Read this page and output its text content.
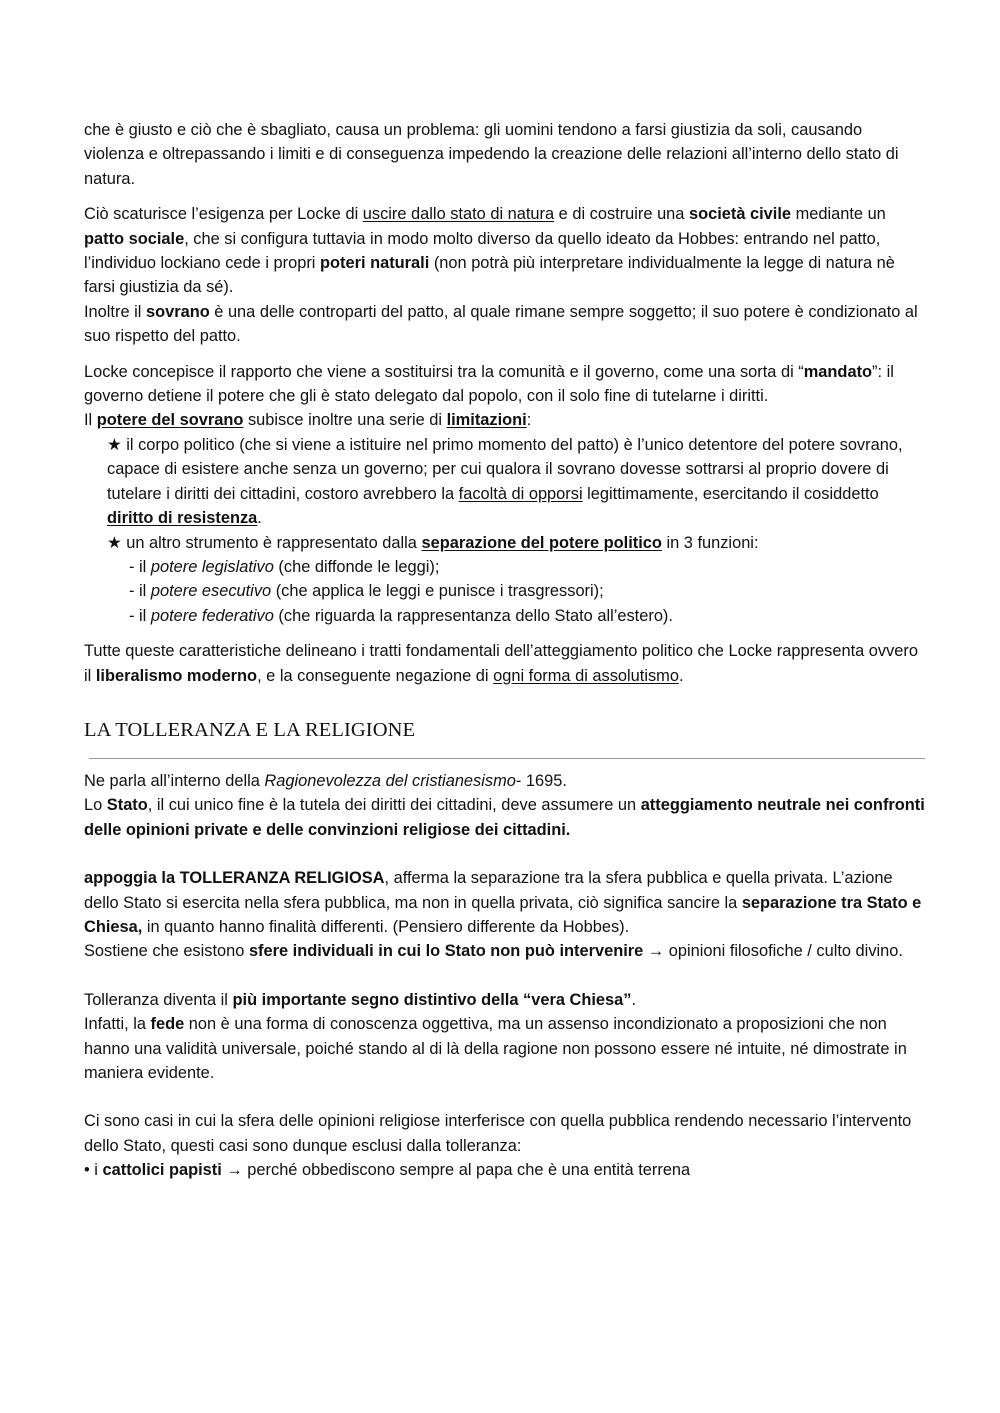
che è giusto e ciò che è sbagliato, causa un problema: gli uomini tendono a farsi giustizia da soli, causando violenza e oltrepassando i limiti e di conseguenza impedendo la creazione delle relazioni all’interno dello stato di natura.

Ciò scaturisce l’esigenza per Locke di uscire dallo stato di natura e di costruire una società civile mediante un patto sociale, che si configura tuttavia in modo molto diverso da quello ideato da Hobbes: entrando nel patto, l’individuo lockiano cede i propri poteri naturali (non potrà più interpretare individualmente la legge di natura nè farsi giustizia da sé).

Inoltre il sovrano è una delle controparti del patto, al quale rimane sempre soggetto; il suo potere è condizionato al suo rispetto del patto.

Locke concepisce il rapporto che viene a sostituirsi tra la comunità e il governo, come una sorta di “mandato”: il governo detiene il potere che gli è stato delegato dal popolo, con il solo fine di tutelarne i diritti.

Il potere del sovrano subisce inoltre una serie di limitazioni:

★ il corpo politico (che si viene a istituire nel primo momento del patto) è l’unico detentore del potere sovrano, capace di esistere anche senza un governo; per cui qualora il sovrano dovesse sottrarsi al proprio dovere di tutelare i diritti dei cittadini, costoro avrebbero la facoltà di opporsi legittimamente, esercitando il cosiddetto diritto di resistenza.
★ un altro strumento è rappresentato dalla separazione del potere politico in 3 funzioni:
- il potere legislativo (che diffonde le leggi);
- il potere esecutivo (che applica le leggi e punisce i trasgressori);
- il potere federativo (che riguarda la rappresentanza dello Stato all’estero).

Tutte queste caratteristiche delineano i tratti fondamentali dell’atteggiamento politico che Locke rappresenta ovvero il liberalismo moderno, e la conseguente negazione di ogni forma di assolutismo.

LA TOLLERANZA E LA RELIGIONE

Ne parla all’interno della Ragionevolezza del cristianesismo- 1695.

Lo Stato, il cui unico fine è la tutela dei diritti dei cittadini, deve assumere un atteggiamento neutrale nei confronti delle opinioni private e delle convinzioni religiose dei cittadini.

appoggia la TOLLERANZA RELIGIOSA, afferma la separazione tra la sfera pubblica e quella privata. L’azione dello Stato si esercita nella sfera pubblica, ma non in quella privata, ciò significa sancire la separazione tra Stato e Chiesa, in quanto hanno finalità differenti. (Pensiero differente da Hobbes).

Sostiene che esistono sfere individuali in cui lo Stato non può intervenire → opinioni filosofiche / culto divino.

Tolleranza diventa il più importante segno distintivo della “vera Chiesa”.

Infatti, la fede non è una forma di conoscenza oggettiva, ma un assenso incondizionato a proposizioni che non hanno una validità universale, poiché stando al di là della ragione non possono essere né intuite, né dimostrate in maniera evidente.

Ci sono casi in cui la sfera delle opinioni religiose interferisce con quella pubblica rendendo necessario l’intervento dello Stato, questi casi sono dunque esclusi dalla tolleranza:

• i cattolici papisti → perché obbediscono sempre al papa che è una entità terrena
